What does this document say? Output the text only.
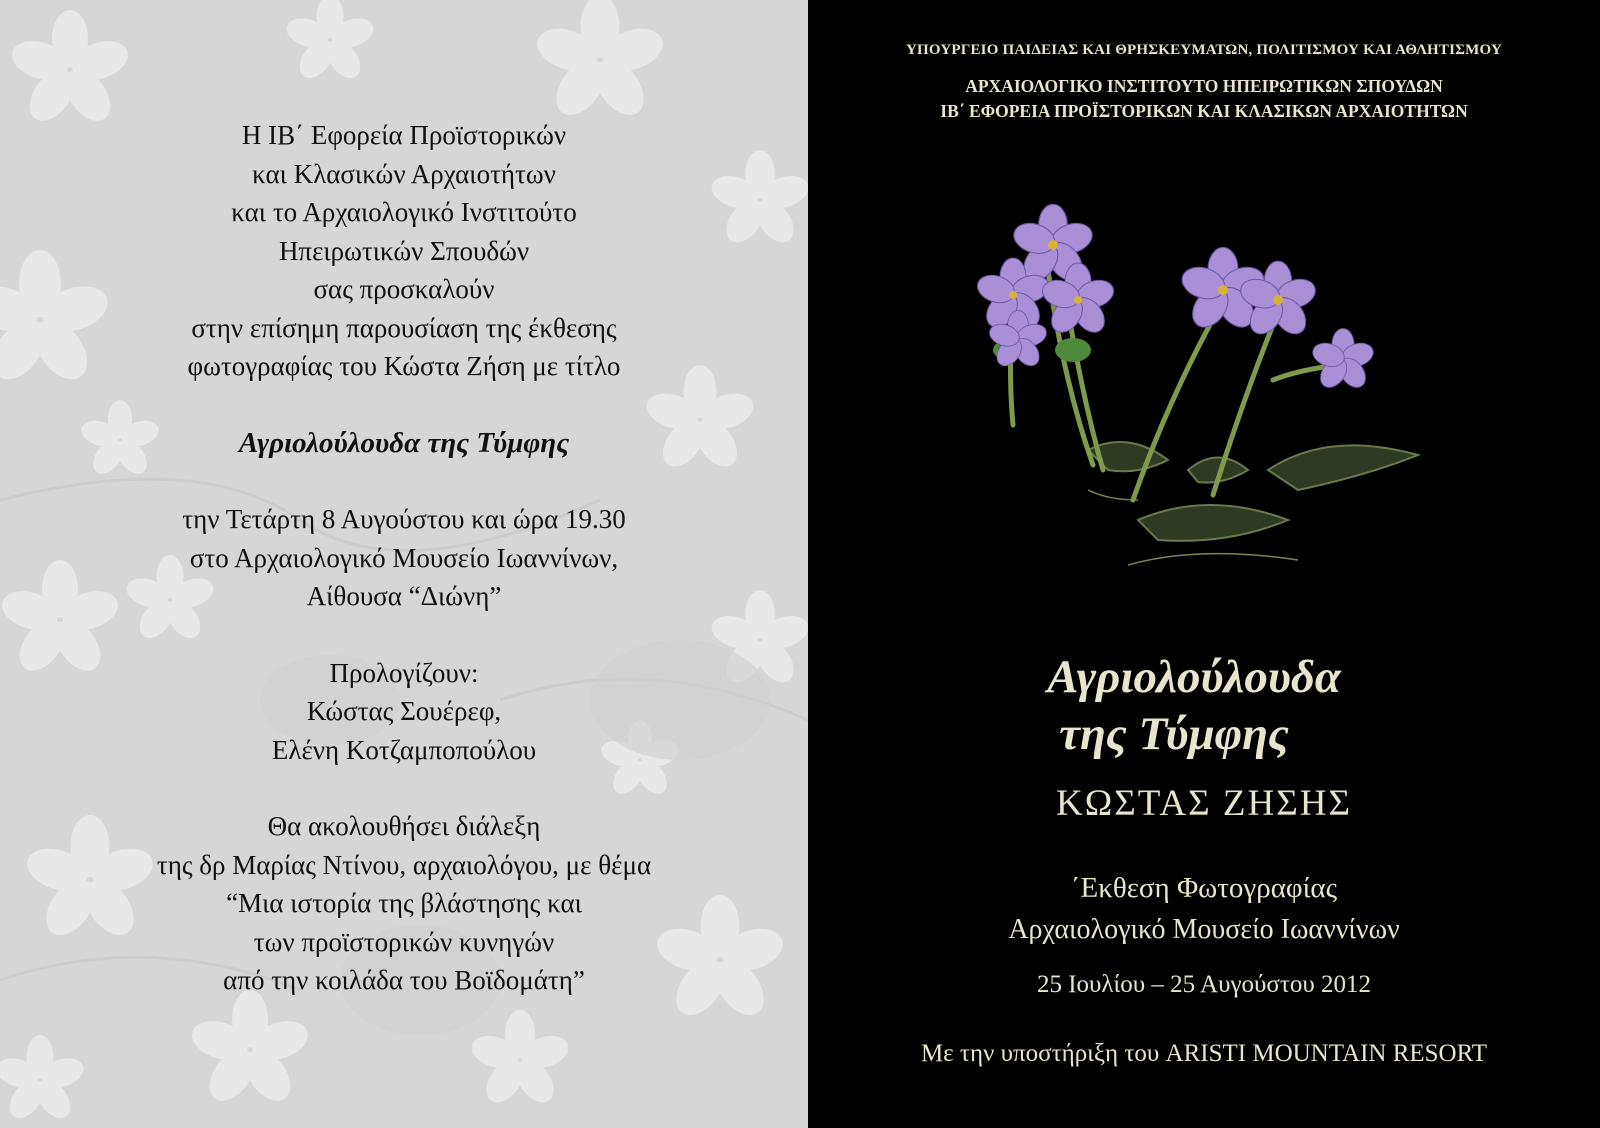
Η ΙΒ΄ Εφορεία Προϊστορικών
και Κλασικών Αρχαιοτήτων
και το Αρχαιολογικό Ινστιτούτο
Ηπειρωτικών Σπουδών
σας προσκαλούν
στην επίσημη παρουσίαση της έκθεσης
φωτογραφίας του Κώστα Ζήση με τίτλο
Αγριολούλουδα της Τύμφης
την Τετάρτη 8 Αυγούστου και ώρα 19.30
στο Αρχαιολογικό Μουσείο Ιωαννίνων,
Αίθουσα “Διώνη”
Προλογίζουν:
Κώστας Σουέρεφ,
Ελένη Κοτζαμποπούλου
Θα ακολουθήσει διάλεξη
της δρ Μαρίας Ντίνου, αρχαιολόγου, με θέμα
“Μια ιστορία της βλάστησης και
των προϊστορικών κυνηγών
από την κοιλάδα του Βοϊδομάτη”
ΥΠΟΥΡΓΕΙΟ ΠΑΙΔΕΙΑΣ ΚΑΙ ΘΡΗΣΚΕΥΜΑΤΩΝ, ΠΟΛΙΤΙΣΜΟΥ ΚΑΙ ΑΘΛΗΤΙΣΜΟΥ
ΑΡΧΑΙΟΛΟΓΙΚΟ ΙΝΣΤΙΤΟΥΤΟ ΗΠΕΙΡΩΤΙΚΩΝ ΣΠΟΥΔΩΝ
ΙΒ΄ ΕΦΟΡΕΙΑ ΠΡΟΪΣΤΟΡΙΚΩΝ ΚΑΙ ΚΛΑΣΙΚΩΝ ΑΡΧΑΙΟΤΗΤΩΝ
Αγριολούλουδα
της Τύμφης
ΚΩΣΤΑΣ ΖΗΣΗΣ
΄Εκθεση Φωτογραφίας
Αρχαιολογικό Μουσείο Ιωαννίνων
25 Ιουλίου – 25 Αυγούστου 2012
Με την υποστήριξη του ARISTI MOUNTAIN RESORT
